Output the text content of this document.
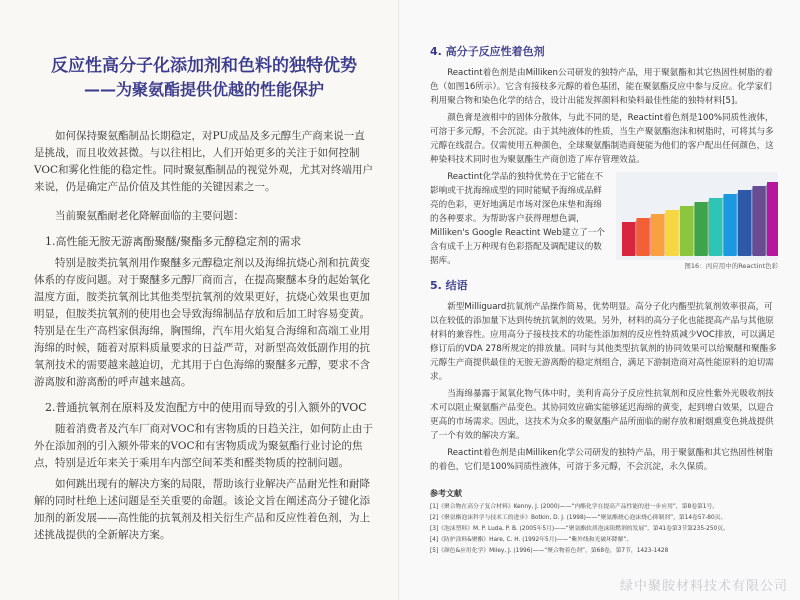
反应性高分子化添加剂和色料的独特优势
——为聚氨酯提供优越的性能保护

如何保持聚氨酯制品长期稳定，对PU成品及多元醇生产商来说一直是挑战，而且收效甚微。与以往相比，人们开始更多的关注于如何控制VOC和雾化性能的稳定性。同时聚氨酯制品的视觉外观，尤其对终端用户来说，仍是确定产品价值及其性能的关键因素之一。

当前聚氨酯耐老化降解面临的主要问题：

1.高性能无胺无游离酚聚醚/聚酯多元醇稳定剂的需求

特别是胺类抗氧剂用作聚醚多元醇稳定剂以及海绵抗烧心剂和抗黄变体系的存废问题。对于聚醚多元醇厂商而言，在提高聚醚本身的起始氧化温度方面，胺类抗氧剂比其他类型抗氧剂的效果更好，抗烧心效果也更加明显，但胺类抗氧剂的使用也会导致海绵制品存放和后加工时容易变黄。特别是在生产高档家俱海绵，胸围绵，汽车用火焰复合海绵和高端工业用海绵的时候，随着对原料质量要求的日益严苛，对新型高效低副作用的抗氧剂技术的需要越来越迫切，尤其用于白色海绵的聚醚多元醇，要求不含游离胺和游离酚的呼声越来越高。

2.普通抗氧剂在原料及发泡配方中的使用而导致的引入额外的VOC

随着消费者及汽车厂商对VOC和有害物质的日趋关注，如何防止由于外在添加剂的引入额外带来的VOC和有害物质成为聚氨酯行业讨论的焦点，特别是近年来关于乘用车内部空间苯类和醛类物质的控制问题。

如何跳出现有的解决方案的局限，帮助该行业解决产品耐光性和耐降解的同时杜绝上述问题是至关重要的命题。该论文旨在阐述高分子键化添加剂的新发展——高性能的抗氧剂及相关衍生产品和反应性着色剂，为上述挑战提供的全新解决方案。

4. 高分子反应性着色剂

Reactint着色剂是由Milliken公司研发的独特产品，用于聚氨酯和其它热固性树脂的着色（如图16所示）。它含有接枝多元醇的着色基团，能在聚氨酯反应中参与反应。化学家们利用聚合物和染色化学的结合，设计出能发挥颜料和染料最佳性能的独特材料[5]。

颜色膏是液相中的固体分散体，与此不同的是，Reactint着色剂是100%同质性液体，可溶于多元醇，不会沉淀。由于其纯液体的性质，当生产聚氨酯泡沫和树脂时，可将其与多元醇在线混合。仅需使用五种颜色，全球聚氨酯制造商便能为他们的客户配出任何颜色，这种染料技术同时也为聚氨酯生产商创造了库存管理效益。

图16：丙应用中的Reactint色彩

Reactint化学品的独特优势在于它能在不影响或干扰海绵成型的同时能赋予海绵成品鲜亮的色彩，更好地满足市场对深色床垫和海绵的各种要求。为帮助客户获得理想色调，Milliken's Google Reactint Web建立了一个含有成千上万种现有色彩搭配及调配建议的数据库。

5. 结语

新型Milliguard抗氧剂产品操作简易，优势明显。高分子化内酯型抗氧剂效率很高，可以在较低的添加量下达到传统抗氧剂的效果。另外，材料的高分子化也能提高产品与其他原材料的兼容性。应用高分子接枝技术的功能性添加剂的反应性特质减少VOC排放，可以满足修订后的VDA 278所规定的排放量。同时与其他类型抗氧剂的协同效果可以给聚醚和聚酯多元醇生产商提供最佳的无胺无游离酚的稳定剂组合，满足下游制造商对高性能原料的迫切需求。

当海绵暴露于氮氧化物气体中时，美利肯高分子反应性抗氧剂和反应性紫外光吸收剂技术可以阻止聚氨酯产品变色。其协同效应确实能够延迟海绵的黄变，起到增白效果，以迎合更高的市场需求。因此，这技术为众多的聚氨酯产品所面临的耐存放和耐烟熏变色挑战提供了一个有效的解决方案。

Reactint着色剂是由Milliken化学公司研发的独特产品，用于聚氨酯和其它热固性树脂的着色，它们是100%同质性液体，可溶于多元醇，不会沉淀，永久保质。

参考文献

[1]《聚合物在高分子复合材料》Kenny, J. (2000)——“内酯化学在提高产品性能的进一步应用”，第8卷第1号。

[2]《聚氨酯泡沫科学与技术工的进步》Botkin, D. J. (1998)——“聚氨酯烧心泡沫烧心抑制剂”，第14卷57-80页。

[3]《泡沫塑料》M. P. Luda, P. B. (2005年5月)——“聚氨酯软质泡沫阻燃剂的发展”，第41卷第3节第235-250页。

[4]《防护涂料&聚酯》Hare, C. H. (1992年5月)——“紫外线和光破坏降解”。

[5]《颜色&应用化学》Miley, J. (1996)——“聚合物着色剂”，第68卷，第7节，1423-1428

绿中聚胺材料技术有限公司
